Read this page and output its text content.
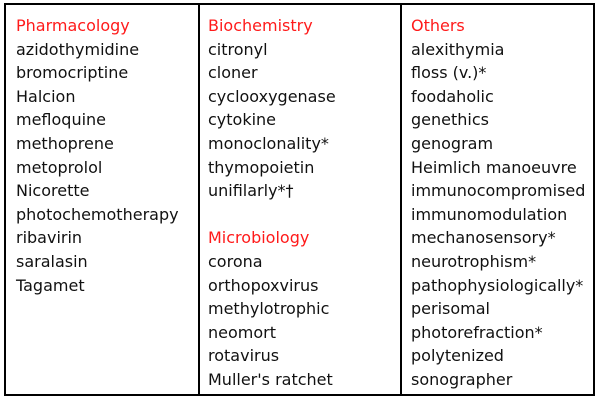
Pharmacology
azidothymidine
bromocriptine
Halcion
mefloquine
methoprene
metoprolol
Nicorette
photochemotherapy
ribavirin
saralasin
Tagamet
Biochemistry
citronyl
cloner
cyclooxygenase
cytokine
monoclonality*
thymopoietin
unifilarly*†
Microbiology
corona
orthopoxvirus
methylotrophic
neomort
rotavirus
Muller's ratchet
Others
alexithymia
floss (v.)*
foodaholic
genethics
genogram
Heimlich manoeuvre
immunocompromised
immunomodulation
mechanosensory*
neurotrophism*
pathophysiologically*
perisomal
photorefraction*
polytenized
sonographer
